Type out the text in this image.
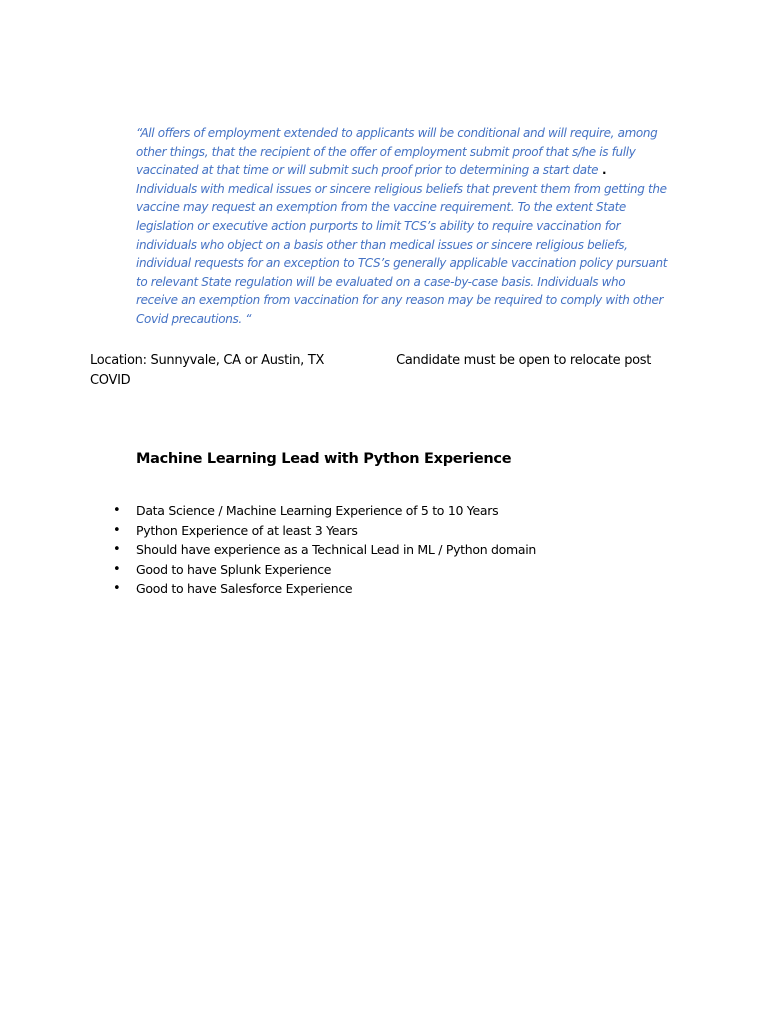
“All offers of employment extended to applicants will be conditional and will require, among other things, that the recipient of the offer of employment submit proof that s/he is fully vaccinated at that time or will submit such proof prior to determining a start date . Individuals with medical issues or sincere religious beliefs that prevent them from getting the vaccine may request an exemption from the vaccine requirement. To the extent State legislation or executive action purports to limit TCS’s ability to require vaccination for individuals who object on a basis other than medical issues or sincere religious beliefs, individual requests for an exception to TCS’s generally applicable vaccination policy pursuant to relevant State regulation will be evaluated on a case-by-case basis. Individuals who receive an exemption from vaccination for any reason may be required to comply with other Covid precautions. “

Location: Sunnyvale, CA or Austin, TX	Candidate must be open to relocate post COVID

Machine Learning Lead with Python Experience
• Data Science / Machine Learning Experience of 5 to 10 Years
• Python Experience of at least 3 Years
• Should have experience as a Technical Lead in ML / Python domain
• Good to have Splunk Experience
• Good to have Salesforce Experience
